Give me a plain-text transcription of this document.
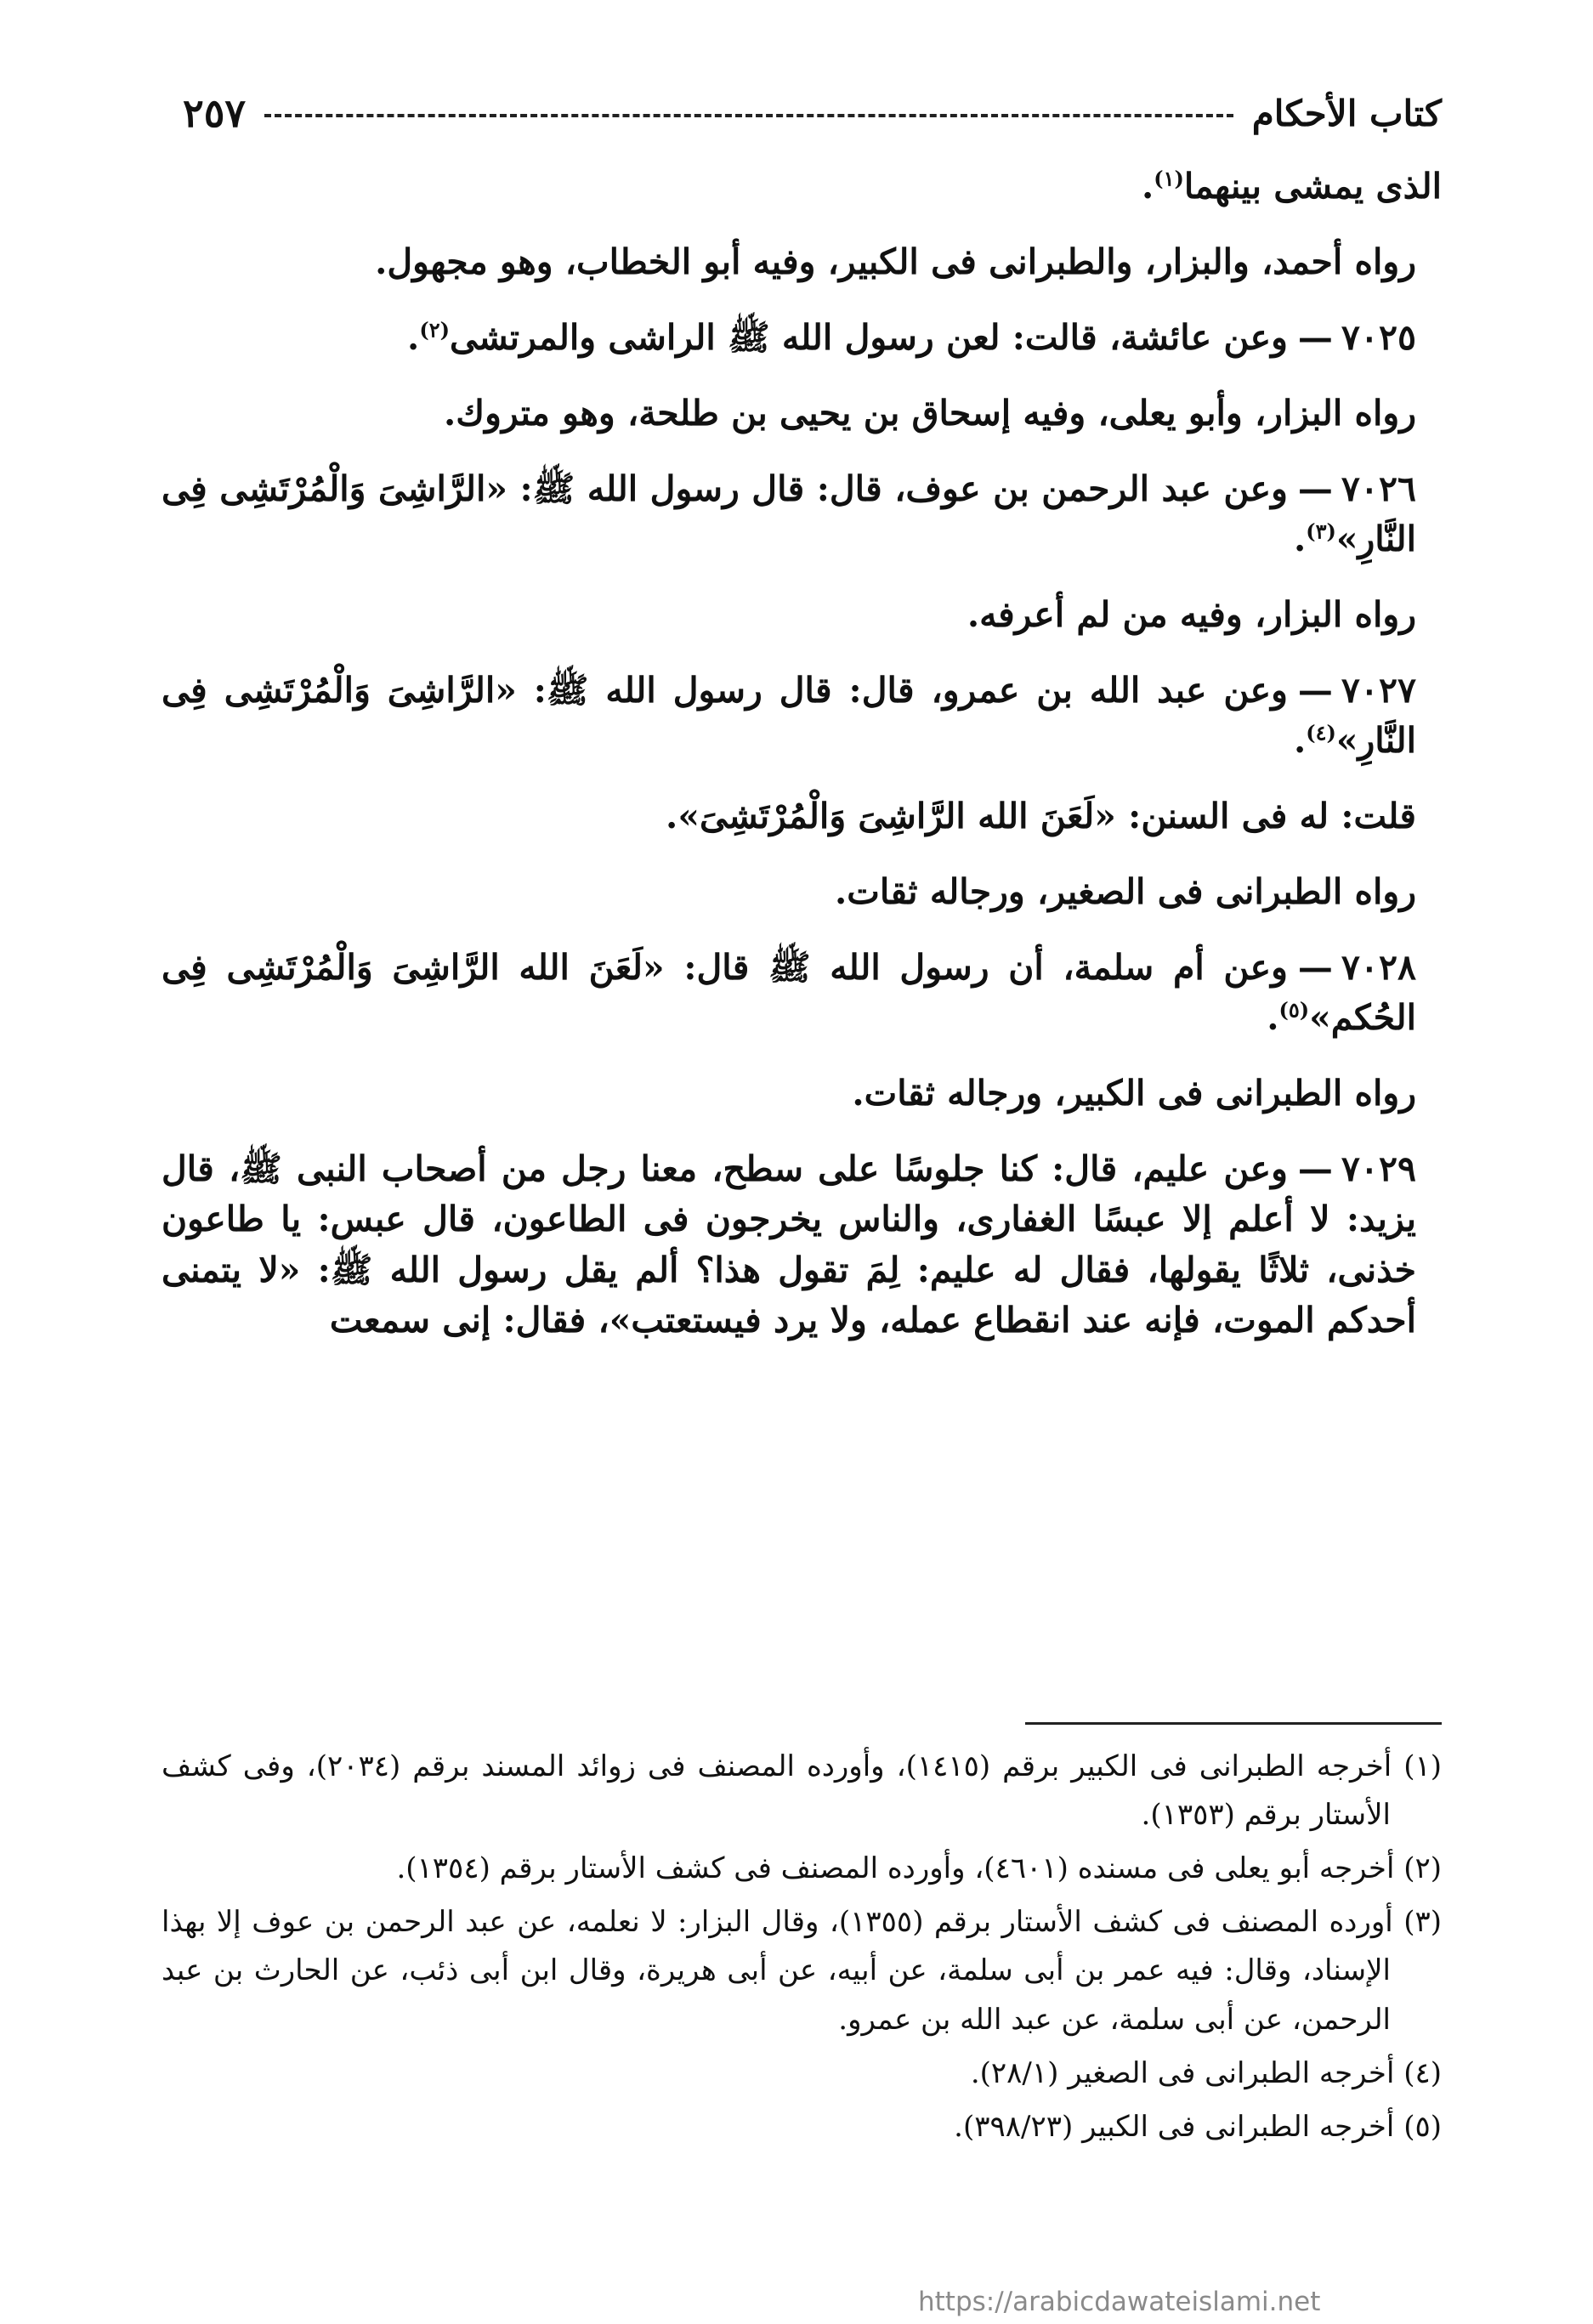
كتاب الأحكام
٢٥٧

الذى يمشى بينهما$^{(١)}$.

رواه أحمد، والبزار، والطبرانى فى الكبير، وفيه أبو الخطاب، وهو مجهول.

٧٠٢٥—وعن عائشة، قالت: لعن رسول الله ﷺ الراشى والمرتشى$^{(٢)}$.

رواه البزار، وأبو يعلى، وفيه إسحاق بن يحيى بن طلحة، وهو متروك.

٧٠٢٦—وعن عبد الرحمن بن عوف، قال: قال رسول الله ﷺ: «الرَّاشِىَ وَالْمُرْتَشِى فِى النَّارِ»$^{(٣)}$.

رواه البزار، وفيه من لم أعرفه.

٧٠٢٧—وعن عبد الله بن عمرو، قال: قال رسول الله ﷺ: «الرَّاشِىَ وَالْمُرْتَشِى فِى النَّارِ»$^{(٤)}$.

قلت: له فى السنن: «لَعَنَ الله الرَّاشِىَ وَالْمُرْتَشِىَ».

رواه الطبرانى فى الصغير، ورجاله ثقات.

٧٠٢٨—وعن أم سلمة، أن رسول الله ﷺ قال: «لَعَنَ الله الرَّاشِىَ وَالْمُرْتَشِى فِى الحُكم»$^{(٥)}$.

رواه الطبرانى فى الكبير، ورجاله ثقات.

٧٠٢٩—وعن عليم، قال: كنا جلوسًا على سطح، معنا رجل من أصحاب النبى ﷺ، قال يزيد: لا أعلم إلا عبسًا الغفارى، والناس يخرجون فى الطاعون، قال عبس: يا طاعون خذنى، ثلاثًا يقولها، فقال له عليم: لِمَ تقول هذا؟ ألم يقل رسول الله ﷺ: «لا يتمنى أحدكم الموت، فإنه عند انقطاع عمله، ولا يرد فيستعتب»، فقال: إنى سمعت

(١) أخرجه الطبرانى فى الكبير برقم (١٤١٥)، وأورده المصنف فى زوائد المسند برقم (٢٠٣٤)، وفى كشف الأستار برقم (١٣٥٣).

(٢) أخرجه أبو يعلى فى مسنده (٤٦٠١)، وأورده المصنف فى كشف الأستار برقم (١٣٥٤).

(٣) أورده المصنف فى كشف الأستار برقم (١٣٥٥)، وقال البزار: لا نعلمه، عن عبد الرحمن بن عوف إلا بهذا الإسناد، وقال: فيه عمر بن أبى سلمة، عن أبيه، عن أبى هريرة، وقال ابن أبى ذئب، عن الحارث بن عبد الرحمن، عن أبى سلمة، عن عبد الله بن عمرو.

(٤) أخرجه الطبرانى فى الصغير (٢٨/١).

(٥) أخرجه الطبرانى فى الكبير (٣٩٨/٢٣).

https://arabicdawateislami.net
